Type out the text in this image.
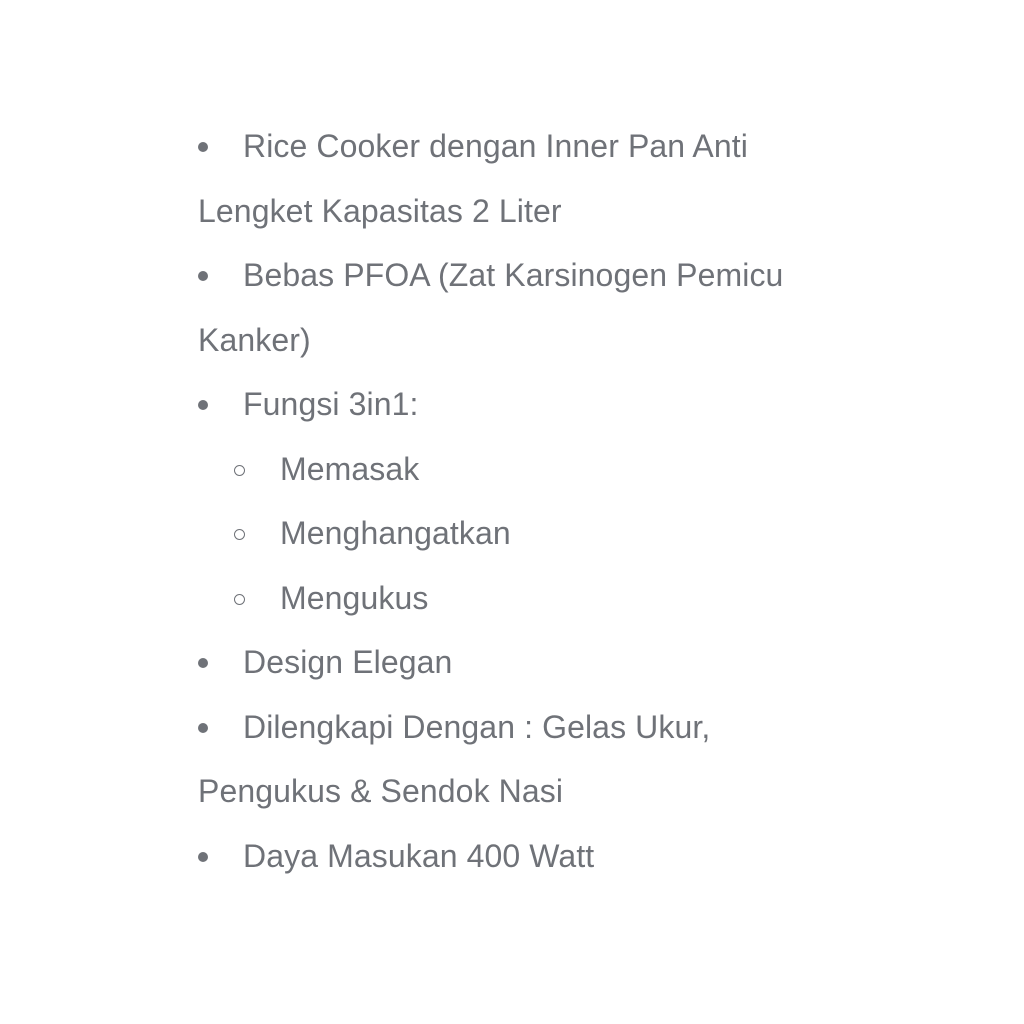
Rice Cooker dengan Inner Pan Anti Lengket Kapasitas 2 Liter

Bebas PFOA (Zat Karsinogen Pemicu Kanker)

Fungsi 3in1:

Memasak

Menghangatkan

Mengukus

Design Elegan

Dilengkapi Dengan : Gelas Ukur, Pengukus & Sendok Nasi

Daya Masukan 400 Watt
